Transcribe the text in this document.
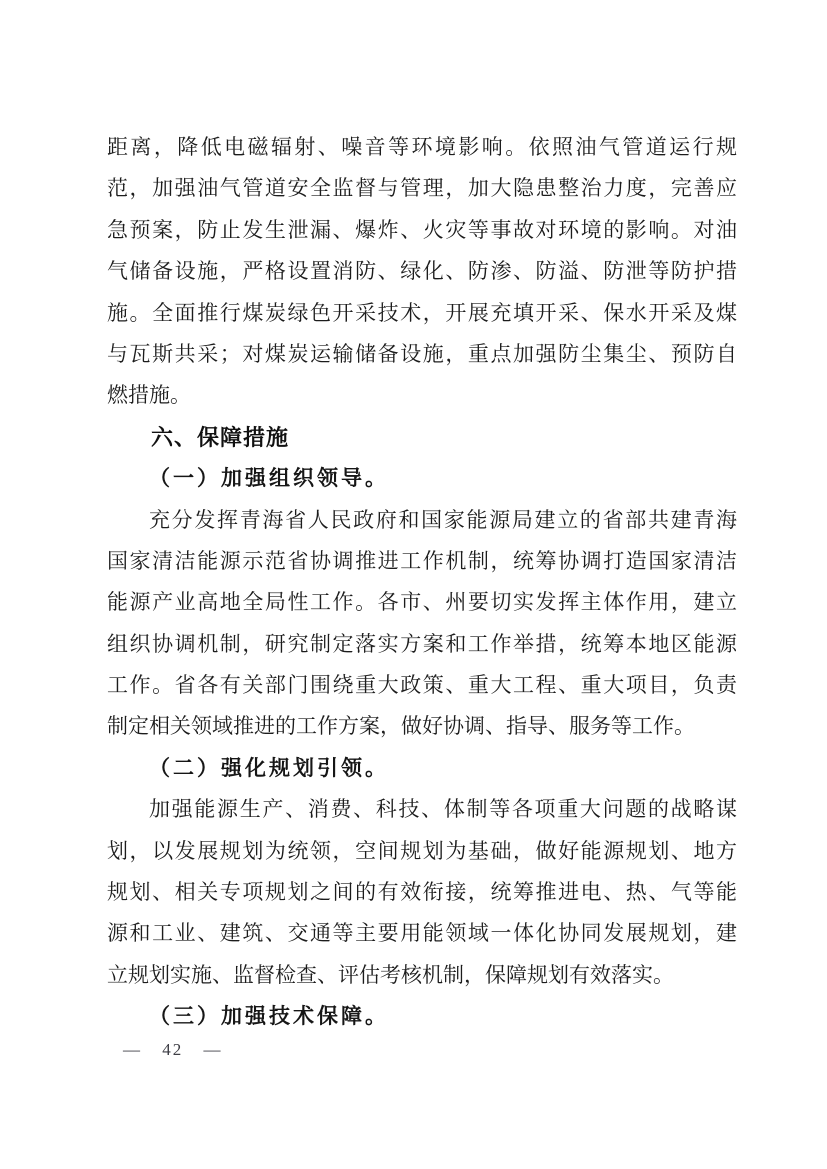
距离，降低电磁辐射、噪音等环境影响。依照油气管道运行规
范，加强油气管道安全监督与管理，加大隐患整治力度，完善应
急预案，防止发生泄漏、爆炸、火灾等事故对环境的影响。对油
气储备设施，严格设置消防、绿化、防渗、防溢、防泄等防护措
施。全面推行煤炭绿色开采技术，开展充填开采、保水开采及煤
与瓦斯共采；对煤炭运输储备设施，重点加强防尘集尘、预防自
燃措施。
六、保障措施
（一）加强组织领导。
充分发挥青海省人民政府和国家能源局建立的省部共建青海
国家清洁能源示范省协调推进工作机制，统筹协调打造国家清洁
能源产业高地全局性工作。各市、州要切实发挥主体作用，建立
组织协调机制，研究制定落实方案和工作举措，统筹本地区能源
工作。省各有关部门围绕重大政策、重大工程、重大项目，负责
制定相关领域推进的工作方案，做好协调、指导、服务等工作。
（二）强化规划引领。
加强能源生产、消费、科技、体制等各项重大问题的战略谋
划，以发展规划为统领，空间规划为基础，做好能源规划、地方
规划、相关专项规划之间的有效衔接，统筹推进电、热、气等能
源和工业、建筑、交通等主要用能领域一体化协同发展规划，建
立规划实施、监督检查、评估考核机制，保障规划有效落实。
（三）加强技术保障。
— 42 —
